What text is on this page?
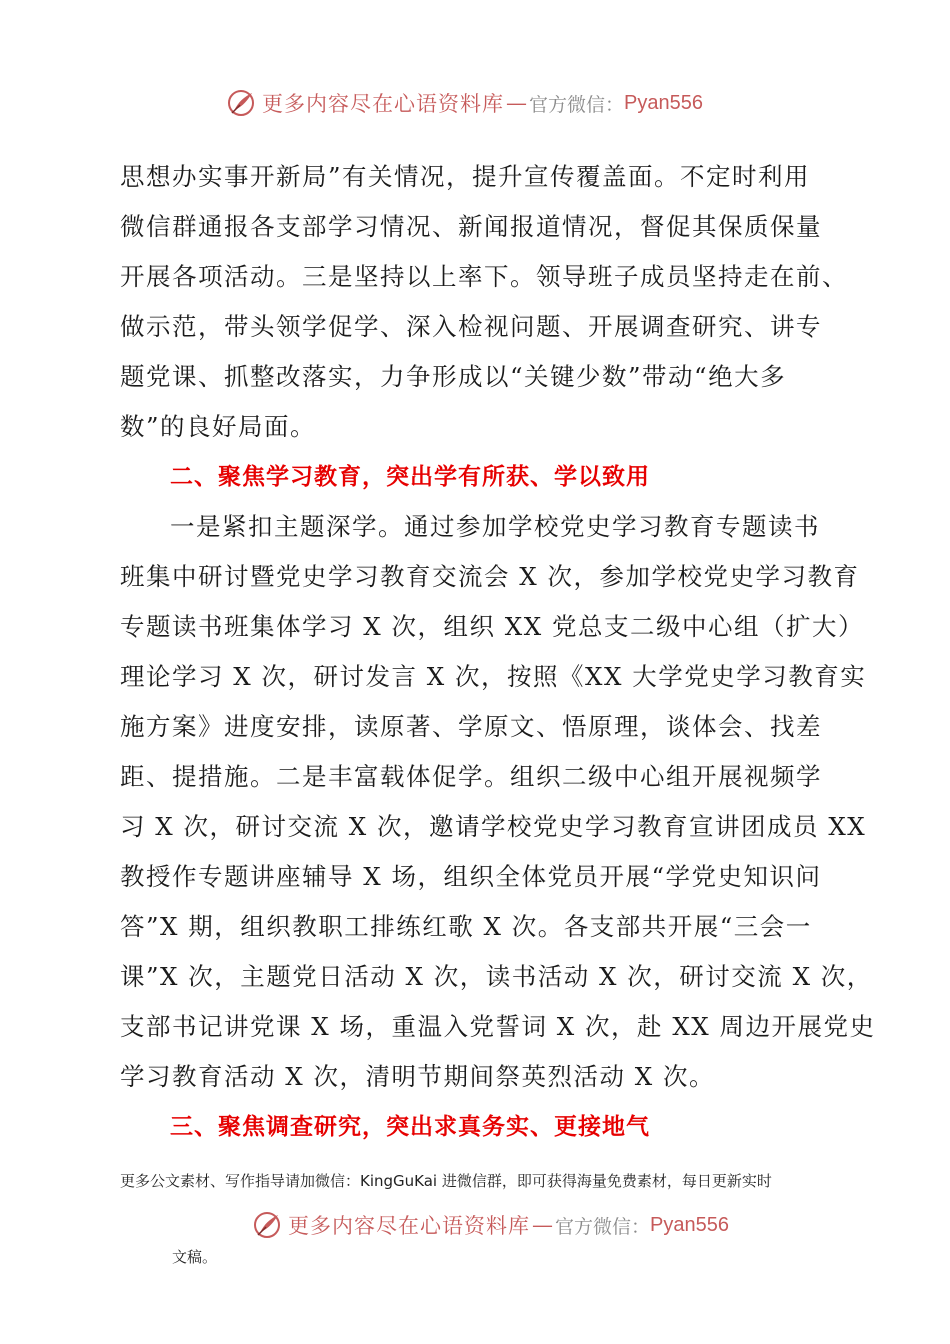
更多内容尽在心语资料库 — 官方微信： Pyan556
思想办实事开新局”有关情况，提升宣传覆盖面。不定时利用
微信群通报各支部学习情况、新闻报道情况，督促其保质保量
开展各项活动。三是坚持以上率下。领导班子成员坚持走在前、
做示范，带头领学促学、深入检视问题、开展调查研究、讲专
题党课、抓整改落实，力争形成以“关键少数”带动“绝大多
数”的良好局面。
二、聚焦学习教育，突出学有所获、学以致用
一是紧扣主题深学。通过参加学校党史学习教育专题读书
班集中研讨暨党史学习教育交流会 X 次，参加学校党史学习教育
专题读书班集体学习 X 次，组织 XX 党总支二级中心组（扩大）
理论学习 X 次，研讨发言 X 次，按照《XX 大学党史学习教育实
施方案》进度安排，读原著、学原文、悟原理，谈体会、找差
距、提措施。二是丰富载体促学。组织二级中心组开展视频学
习 X 次，研讨交流 X 次，邀请学校党史学习教育宣讲团成员 XX
教授作专题讲座辅导 X 场，组织全体党员开展“学党史知识问
答”X 期，组织教职工排练红歌 X 次。各支部共开展“三会一
课”X 次，主题党日活动 X 次，读书活动 X 次，研讨交流 X 次，
支部书记讲党课 X 场，重温入党誓词 X 次，赴 XX 周边开展党史
学习教育活动 X 次，清明节期间祭英烈活动 X 次。
三、聚焦调查研究，突出求真务实、更接地气
更多公文素材、写作指导请加微信：KingGuKai 进微信群，即可获得海量免费素材，每日更新实时
更多内容尽在心语资料库 — 官方微信： Pyan556
文稿。
